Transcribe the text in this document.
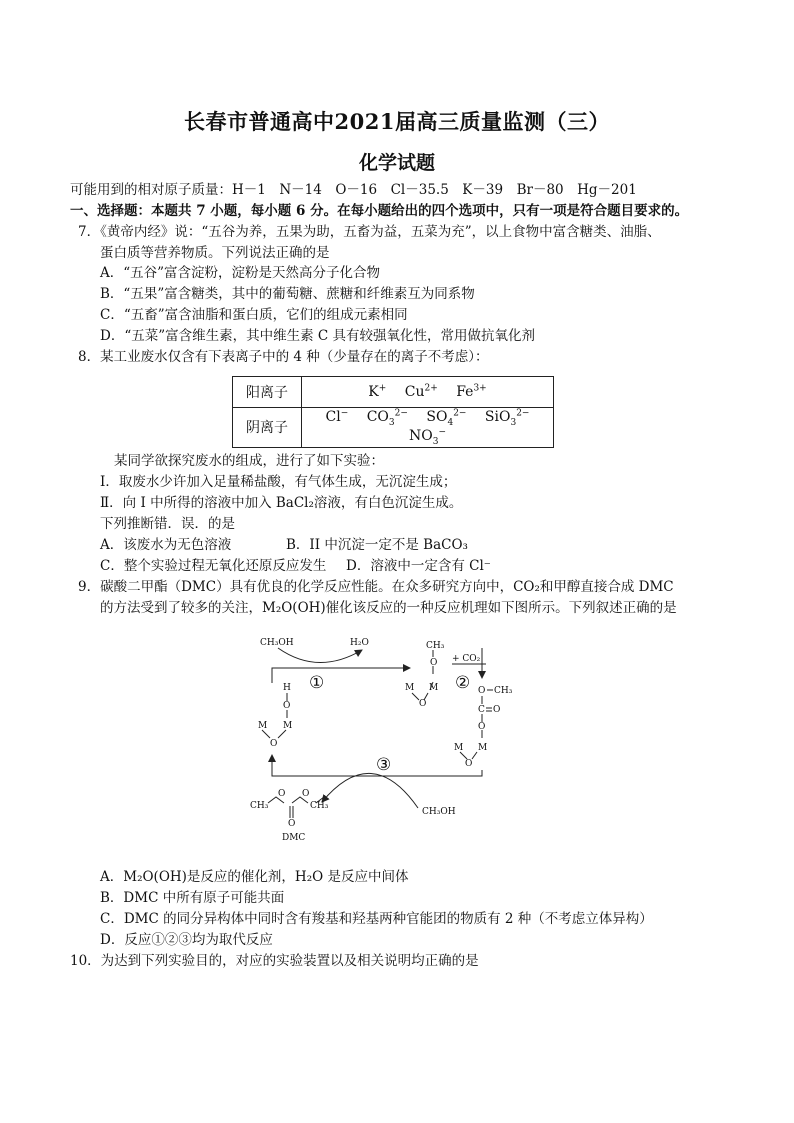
长春市普通高中2021届高三质量监测（三）
化学试题
可能用到的相对原子质量：H－1　N－14　O－16　Cl－35.5　K－39　Br－80　Hg－201
一、选择题：本题共 7 小题，每小题 6 分。在每小题给出的四个选项中，只有一项是符合题目要求的。
7．《黄帝内经》说：“五谷为养，五果为助，五畜为益，五菜为充”，以上食物中富含糖类、油脂、
蛋白质等营养物质。下列说法正确的是
A．“五谷”富含淀粉，淀粉是天然高分子化合物
B．“五果”富含糖类，其中的葡萄糖、蔗糖和纤维素互为同系物
C．“五畜”富含油脂和蛋白质，它们的组成元素相同
D．“五菜”富含维生素，其中维生素 C 具有较强氧化性，常用做抗氧化剂
8．某工业废水仅含有下表离子中的 4 种（少量存在的离子不考虑）：
阳离子	K+ $Cu^{2+}$ $Fe^{3+}$
阴离子	Cl− $CO_3^{2-}$ $SO_4^{2-}$ SiO$_3^{2-}$ $NO_3^-$
某同学欲探究废水的组成，进行了如下实验：
Ⅰ．取废水少许加入足量稀盐酸，有气体生成，无沉淀生成；
Ⅱ．向 I 中所得的溶液中加入 BaCl₂溶液，有白色沉淀生成。
下列推断错．误．的是
A．该废水为无色溶液	B．II 中沉淀一定不是 BaCO₃
C．整个实验过程无氧化还原反应发生 D．溶液中一定含有 Cl⁻
9．碳酸二甲酯（DMC）具有优良的化学反应性能。在众多研究方向中，CO₂和甲醇直接合成 DMC
的方法受到了较多的关注，M₂O(OH)催化该反应的一种反应机理如下图所示。下列叙述正确的是
CH₃OH	H₂O	CH₃
O + CO₂
M
O
M
H
O
M M
O
O CH₃
C O
O
M M
O
CH₃	CH₃
O O
O
DMC
CH₃OH
①	②
③
A．M₂O(OH)是反应的催化剂，H₂O 是反应中间体
B．DMC 中所有原子可能共面
C．DMC 的同分异构体中同时含有羧基和羟基两种官能团的物质有 2 种（不考虑立体异构）
D．反应①②③均为取代反应
10．为达到下列实验目的，对应的实验装置以及相关说明均正确的是
